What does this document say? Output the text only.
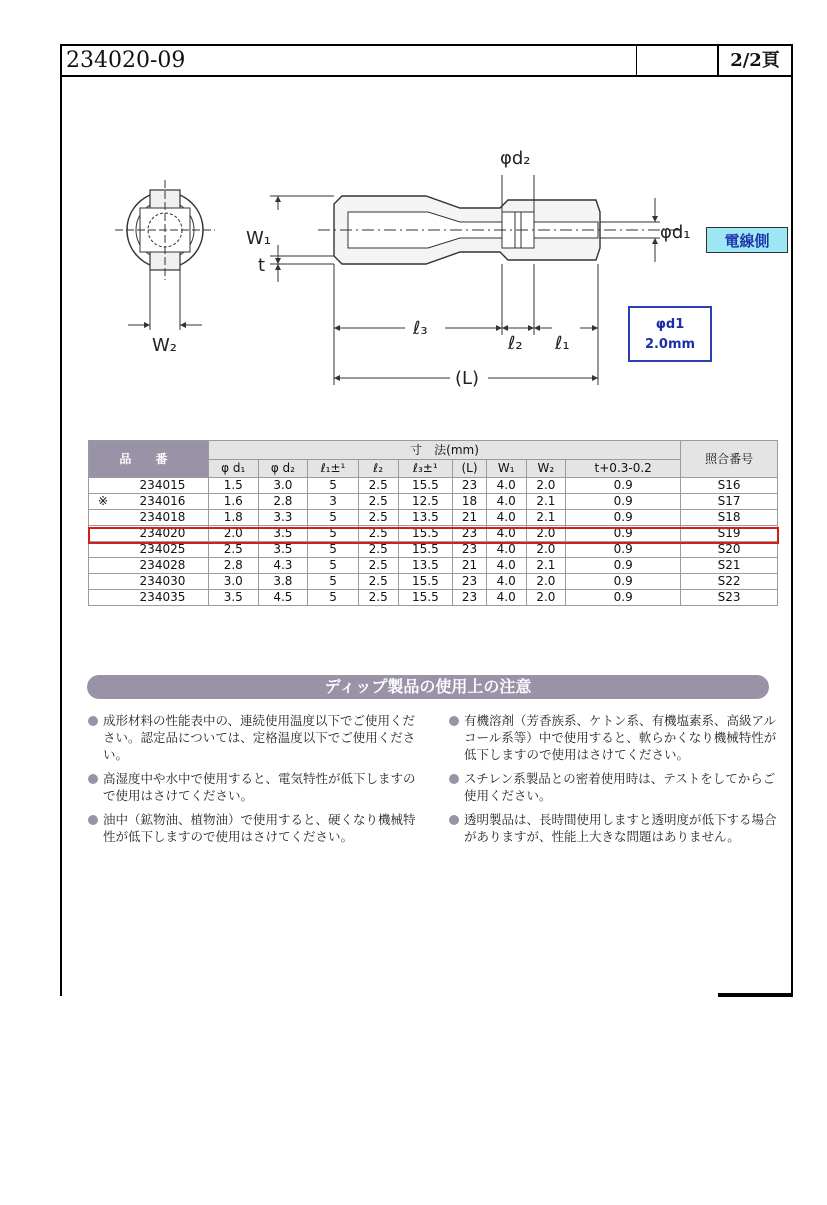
234020-09	2/2頁
φd₂
φd₁
W₁
t
W₂
ℓ₃
ℓ₂ ℓ₁
(L)
電線側
φd1
2.0mm
品 番		寸　法(mm)									照合番号
		φ d₁	φ d₂	ℓ₁±¹	ℓ₂	ℓ₃±¹	(L)	W₁	W₂	t+0.3-0.2	
	234015	1.5	3.0	5	2.5	15.5	23	4.0	2.0	0.9	S16
※	234016	1.6	2.8	3	2.5	12.5	18	4.0	2.1	0.9	S17
	234018	1.8	3.3	5	2.5	13.5	21	4.0	2.1	0.9	S18
	234020	2.0	3.5	5	2.5	15.5	23	4.0	2.0	0.9	S19
	234025	2.5	3.5	5	2.5	15.5	23	4.0	2.0	0.9	S20
	234028	2.8	4.3	5	2.5	13.5	21	4.0	2.1	0.9	S21
	234030	3.0	3.8	5	2.5	15.5	23	4.0	2.0	0.9	S22
	234035	3.5	4.5	5	2.5	15.5	23	4.0	2.0	0.9	S23
ディップ製品の使用上の注意
成形材料の性能表中の、連続使用温度以下でご使用ください。認定品については、定格温度以下でご使用ください。
高湿度中や水中で使用すると、電気特性が低下しますので使用はさけてください。
油中（鉱物油、植物油）で使用すると、硬くなり機械特性が低下しますので使用はさけてください。
有機溶剤（芳香族系、ケトン系、有機塩素系、高級アルコール系等）中で使用すると、軟らかくなり機械特性が低下しますので使用はさけてください。
スチレン系製品との密着使用時は、テストをしてからご使用ください。
透明製品は、長時間使用しますと透明度が低下する場合がありますが、性能上大きな問題はありません。
